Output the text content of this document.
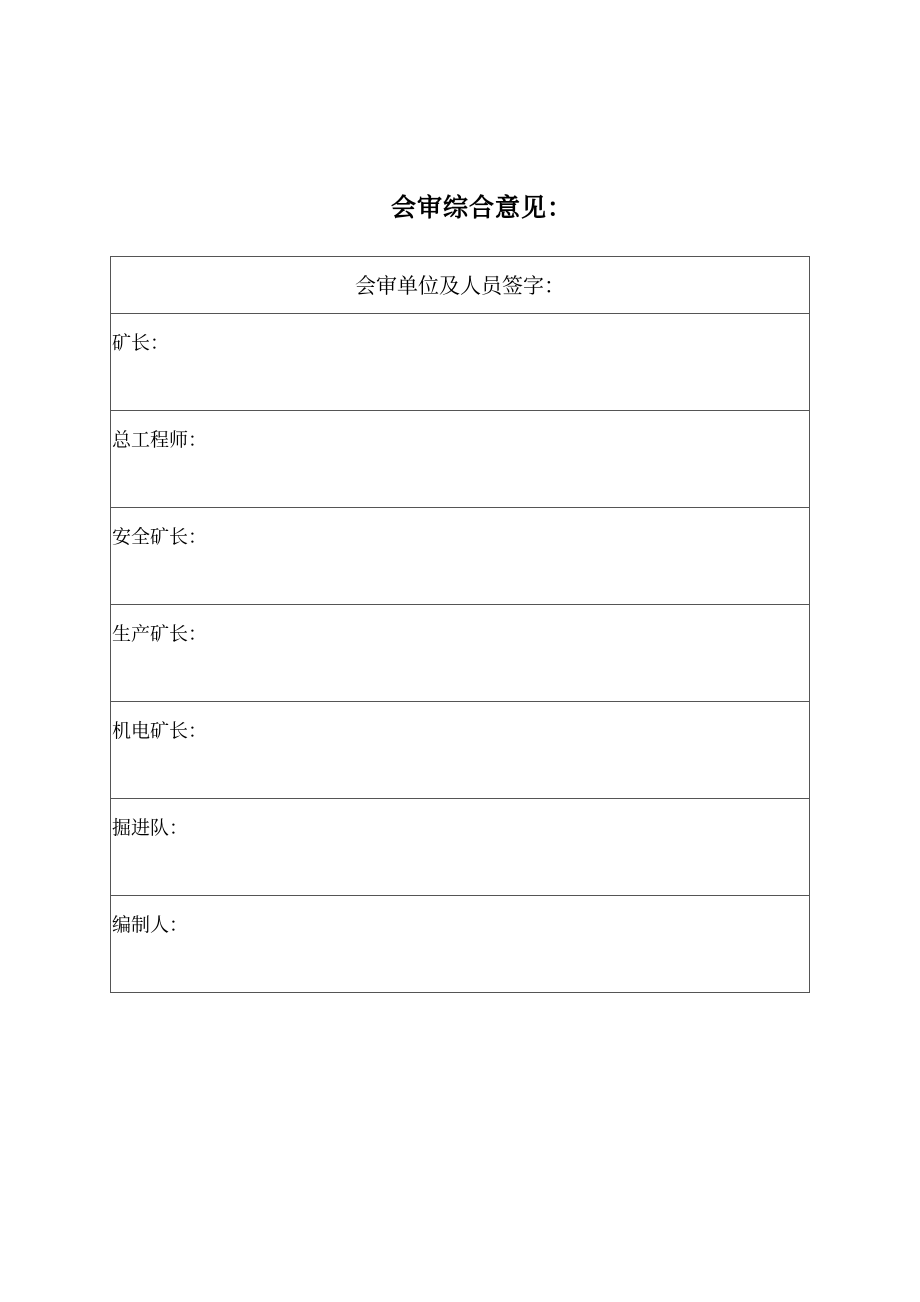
会审综合意见：
会审单位及人员签字：

矿长：

总工程师：

安全矿长：

生产矿长：

机电矿长：

掘进队：

编制人：
